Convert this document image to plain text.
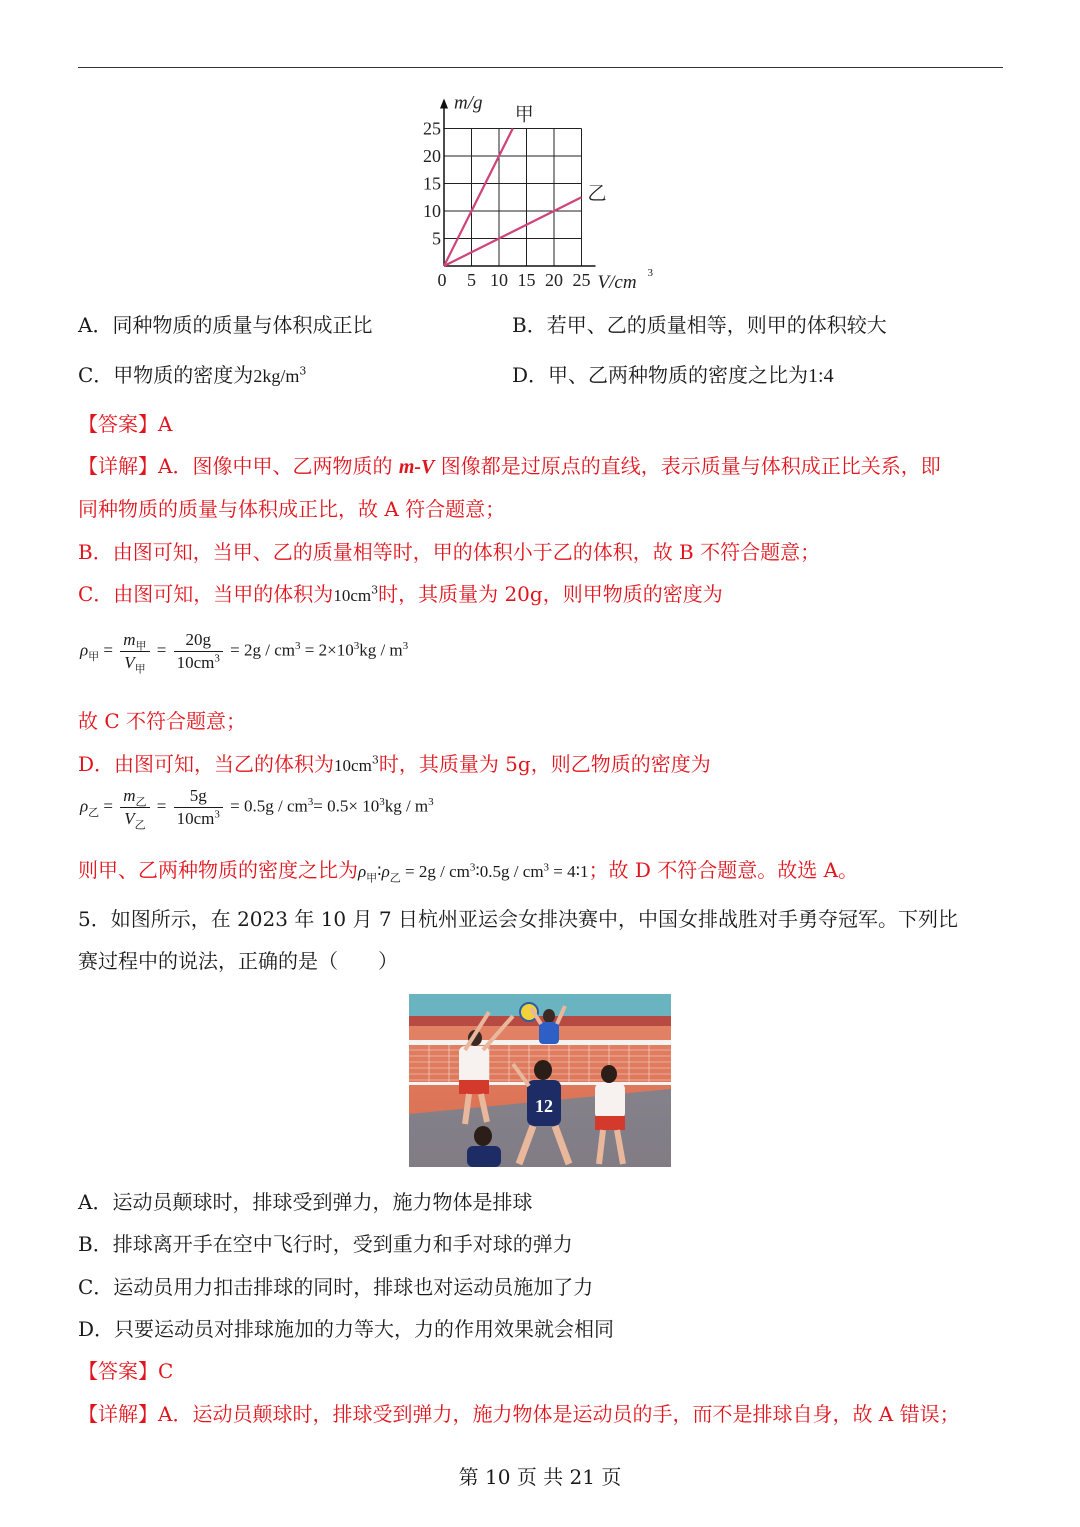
0 5 10 15 20 25
5
10
15
20
25
m/g
V/cm 3
甲
乙
A．同种物质的质量与体积成正比	B．若甲、乙的质量相等，则甲的体积较大
C．甲物质的密度为$2kg/m^3$	D．甲、乙两种物质的密度之比为1:4
【答案】A
【详解】A．图像中甲、乙两物质的 m-V 图像都是过原点的直线，表示质量与体积成正比关系，即
同种物质的质量与体积成正比，故 A 符合题意；
B．由图可知，当甲、乙的质量相等时，甲的体积小于乙的体积，故 B 不符合题意；
C．由图可知，当甲的体积为$10cm^3$时，其质量为 20g，则甲物质的密度为
$\rho_甲 = \frac{m_甲}{V_甲} = \frac{20g}{10cm^3} = 2g / cm^3 = 2\times 10^3kg / m^3$
故 C 不符合题意；
D．由图可知，当乙的体积为$10cm^3$时，其质量为 5g，则乙物质的密度为
$\rho_乙 = \frac{m_乙}{V_乙} = \frac{5g}{10cm^3} = 0.5g / cm^3= 0.5\times 10^3kg / m^3$
则甲、乙两种物质的密度之比为$\rho_甲∶\rho_乙 = 2g$ / $cm^3∶0.5g / cm^3$ = 4∶1；故 D 不符合题意。故选 A。
5．如图所示，在 2023 年 10 月 7 日杭州亚运会女排决赛中，中国女排战胜对手勇夺冠军。下列比
赛过程中的说法，正确的是（　　）
12
A．运动员颠球时，排球受到弹力，施力物体是排球
B．排球离开手在空中飞行时，受到重力和手对球的弹力
C．运动员用力扣击排球的同时，排球也对运动员施加了力
D．只要运动员对排球施加的力等大，力的作用效果就会相同
【答案】C
【详解】A．运动员颠球时，排球受到弹力，施力物体是运动员的手，而不是排球自身，故 A 错误；
第 10 页 共 21 页
